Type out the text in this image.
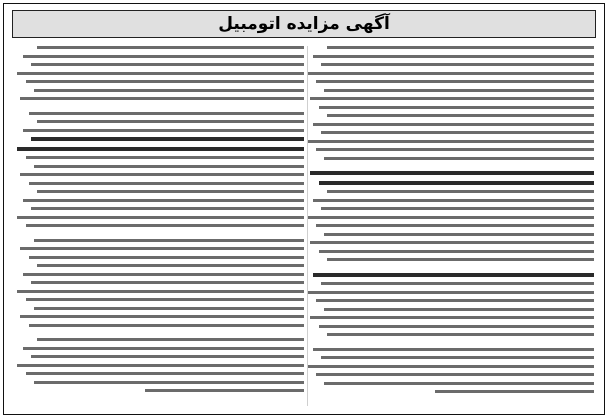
آگهی مزایده اتومبیل
